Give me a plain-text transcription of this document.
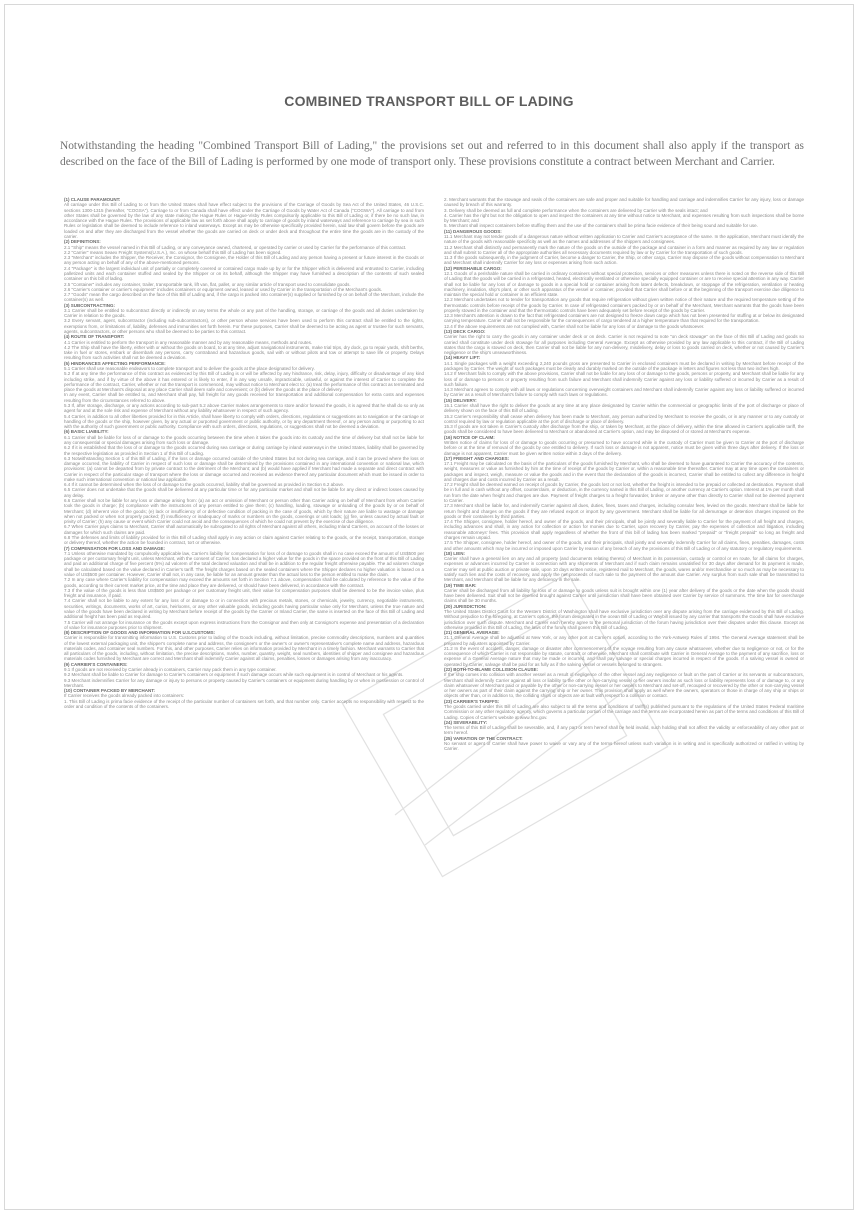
COMBINED TRANSPORT BILL OF LADING
Notwithstanding the heading "Combined Transport Bill of Lading," the provisions set out and referred to in this document shall also apply if the transport as described on the face of the Bill of Lading is performed by one mode of transport only. These provisions constitute a contract between Merchant and Carrier.

(1) CLAUSE PARAMOUNT:
All carriage under this Bill of Lading to or from the United States shall have effect subject to the provisions of the Carriage of Goods by Sea Act of the United States, 46 U.S.C. sections 1300-1315 (hereafter, "COGSA"). Carriage to or from Canada shall have effect under the Carriage of Goods by Water Act of Canada ("COGWA"). All carriage to and from other States shall be governed by the law of any state making the Hague Rules or Hague-Visby Rules compulsorily applicable to this Bill of Lading or, if there be no such law, in accordance with the Hague Rules. The provisions of applicable law as set forth above shall apply to carriage of goods by inland waterways and reference to carriage by sea in such Rules or legislation shall be deemed to include reference to inland waterways. Except as may be otherwise specifically provided herein, said law shall govern before the goods are loaded on and after they are discharged from the vessel whether the goods are carried on deck or under deck and throughout the entire time the goods are in the custody of the carrier.

(2) DEFINITIONS:

2.1 "Ship" means the vessel named in this Bill of Lading, or any conveyance owned, chartered, or operated by carrier or used by Carrier for the performance of this contract.

2.2 "Carrier" means Seaex Freight Systems(U.S.A.), Inc. on whose behalf this Bill of Lading has been signed.

2.3 "Merchant" includes the Shipper, the Receiver, the Consignor, the Consignee, the Holder of this Bill of Lading and any person having a present or future interest in the Goods or any person acting on behalf of any of the above-mentioned persons.

2.4 "Package" is the largest individual unit of partially or completely covered or contained cargo made up by or for the Shipper which is delivered and entrusted to Carrier, including palletized units and each container stuffed and sealed by the Shipper or on its behalf, although the Shipper may have furnished a description of the contents of such sealed container on this bill of lading.

2.5 "Container" includes any container, trailer, transportable tank, lift van, flat, pallet, or any similar article of transport used to consolidate goods.

2.6 "Carrier's container or carrier's equipment" includes containers or equipment owned, leased or used by Carrier in the transportation of the Merchant's goods.

2.7 "Goods" mean the cargo described on the face of this Bill of Lading and, if the cargo is packed into container(s) supplied or furnished by or on behalf of the Merchant, include the container(s) as well.

(3) SUBCONTRACTING:

3.1 Carrier shall be entitled to subcontract directly or indirectly on any terms the whole or any part of the handling, storage, or carriage of the goods and all duties undertaken by Carrier in relation to the goods.

3.2 Every servant, agent, subcontractor (including sub-subcontractors), or other person whose services have been used to perform this contract shall be entitled to the rights, exemptions from, or limitations of, liability, defenses and immunities set forth herein. For these purposes, Carrier shall be deemed to be acting as agent or trustee for such servants, agents, subcontractors, or other persons who shall be deemed to be parties to this contract.

(4) ROUTE OF TRANSPORT:

4.1 Carrier is entitled to perform the transport in any reasonable manner and by any reasonable means, methods and routes.

4.2 The Ship shall have the liberty, either with or without the goods on board, to at any time, adjust navigational instruments, make trial trips, dry dock, go to repair yards, shift berths, take in fuel or stores, embark or disembark any persons, carry contraband and hazardous goods, sail with or without pilots and tow or attempt to save life or property. Delays resulting from such activities shall not be deemed a deviation.

(5) HINDRANCES AFFECTING PERFORMANCE:

5.1 Carrier shall use reasonable endeavors to complete transport and to deliver the goods at the place designated for delivery.

5.2 If at any time the performance of this contract as evidenced by this Bill of Lading is or will be affected by any hindrance, risk, delay, injury, difficulty or disadvantage of any kind including strike, and if by virtue of the above it has entered or is likely to enter, if in any way unsafe, impracticable, unlawful, or against the interest of Carrier to complete the performance of the contract, Carrier, whether or not the transport is commenced, may without notice to Merchant elect to: (a) treat the performance of this contract as terminated and place the goods at Merchant's disposal at any place Carrier shall deem safe and convenient; or (b) deliver the goods at the place of delivery.

In any event, Carrier shall be entitled to, and Merchant shall pay, full freight for any goods received for transportation and additional compensation for extra costs and expenses resulting from the circumstances referred to above.

5.3 If, after storage, discharge, or any actions according to sub-part 5.2 above Carrier makes arrangements to store and/or forward the goods, it is agreed that he shall do so only as agent for and at the sole risk and expense of Merchant without any liability whatsoever in respect of such agency.

5.4 Carrier, in addition to all other liberties provided for in this Article, shall have liberty to comply with orders, directions, regulations or suggestions as to navigation or the carriage or handling of the goods or the ship, however given, by any actual or purported government or public authority, or by any department thereof, or any person acting or purporting to act with the authority of such government or public authority. Compliance with such orders, directions, regulations, or suggestions shall not be deemed a deviation.

(6) BASIC LIABILITY:

6.1 Carrier shall be liable for loss of or damage to the goods occurring between the time when it takes the goods into its custody and the time of delivery but shall not be liable for any consequential or special damages arising from such loss or damage.

6.2 If it is established that the loss of or damage to the goods occurred during sea carriage or during carriage by inland waterways in the United States, liability shall be governed by the respective legislation as provided in Section 1 of this Bill of Lading.

6.3 Notwithstanding Section 1 of this Bill of Lading, if the loss or damage occurred outside of the United States but not during sea carriage, and it can be proved where the loss or damage occurred, the liability of Carrier in respect of such loss or damage shall be determined by the provisions contained in any international convention or national law, which provisions: (a) cannot be departed from by private contract to the detriment of the Merchant; and (b) would have applied if Merchant had made a separate and direct contract with Carrier in respect of the particular stage of transport where the loss or damage occurred and received as evidence thereof any particular document which must be issued in order to make such international convention or national law applicable.

6.4 If it cannot be determined when the loss of or damage to the goods occurred, liability shall be governed as provided in Section 6.2 above.

6.5 Carrier does not undertake that the goods shall be delivered at any particular time or for any particular market and shall not be liable for any direct or indirect losses caused by any delay.

6.6 Carrier shall not be liable for any loss or damage arising from: (a) an act or omission of Merchant or person other than Carrier acting on behalf of Merchant from whom Carrier took the goods in charge; (b) compliance with the instructions of any person entitled to give them; (c) handling, loading, stowage or unloading of the goods by or on behalf of Merchant; (d) inherent vice of the goods; (e) lack or insufficiency of or defective condition of packing in the case of goods, which by their nature are liable to wastage or damage when not packed or when not properly packed; (f) insufficiency or inadequacy of marks or numbers on the goods, coverings or unit loads; (g) fire, unless caused by actual fault or privity of Carrier; (h) any cause or event which Carrier could not avoid and the consequences of which he could not prevent by the exercise of due diligence.

6.7 When Carrier pays claims to Merchant, Carrier shall automatically be subrogated to all rights of Merchant against all others, including Inland Carriers, on account of the losses or damages for which such claims are paid.

6.8 The defenses and limits of liability provided for in this Bill of Lading shall apply in any action or claim against Carrier relating to the goods, or the receipt, transportation, storage or delivery thereof, whether the action be founded in contract, tort or otherwise.

(7) COMPENSATION FOR LOSS AND DAMAGE:

7.1 Unless otherwise mandated by compulsorily applicable law, Carrier's liability for compensation for loss of or damage to goods shall in no case exceed the amount of US$500 per package or per customary freight unit, unless Merchant, with the consent of Carrier, has declared a higher value for the goods in the space provided on the front of this Bill of Lading and paid an additional charge of five percent (5%) ad valorem of the total declared valuation and shall be in addition to the regular freight otherwise payable. The ad valorem charge shall be calculated based on the value declared in Carrier's tariff. The freight charges based on the sealed containers where the Shipper declares no higher valuation is based on a value of US$500 per container. However, Carrier shall not, in any case, be liable for an amount greater than the actual loss to the person entitled to make the claim.

7.2 In any case where Carrier's liability for compensation may exceed the amounts set forth in Section 7.1 above, compensation shall be calculated by reference to the value of the goods, according to their current market price, at the time and place they are delivered, or should have been delivered, in accordance with the contract.

7.3 If the value of the goods is less than US$500 per package or per customary freight unit, their value for compensation purposes shall be deemed to be the invoice value, plus freight and insurance, if paid.

7.4 Carrier shall not be liable to any extent for any loss of or damage to or in connection with precious metals, stones, or chemicals, jewelry, currency, negotiable instruments, securities, writings, documents, works of art, curios, heirlooms, or any other valuable goods, including goods having particular value only for Merchant, unless the true nature and value of the goods have been declared in writing by Merchant before receipt of the goods by the Carrier or Inland Carrier, the same is inserted on the face of this Bill of Lading and additional freight has been paid as required.

7.5 Carrier will not arrange for insurance on the goods except upon express instructions from the Consignor and then only at Consignor's expense and presentation of a declaration of value for insurance purposes prior to shipment.

(8) DESCRIPTION OF GOODS AND INFORMATION FOR U.S.CUSTOMS:

Carrier is responsible for transmitting information to U.S. Customs prior to lading of the Goods including, without limitation, precise commodity descriptions, numbers and quantities of the lowest external packaging unit, the shipper's complete name and address, the consignee's or the owner's or owner's representative's complete name and address, hazardous materials codes, and container seal numbers. For this, and other purposes, Carrier relies on information provided by Merchant in a timely fashion. Merchant warrants to Carrier that all particulars of the goods, including, without limitation, the precise descriptions, marks, number, quantity, weight, seal numbers, identities of shipper and consignee and hazardous materials codes furnished by Merchant are correct and Merchant shall indemnify Carrier against all claims, penalties, losses or damages arising from any inaccuracy.

(9) CARRIER'S CONTAINERS:

9.1 If goods are not received by Carrier already in containers, Carrier may pack them in any type container.

9.2 Merchant shall be liable to Carrier for damage to Carrier's containers or equipment if such damage occurs while such equipment is in control of Merchant or his agents.

9.3 Merchant indemnifies Carrier for any damage or injury to persons or property caused by Carrier's containers or equipment during handling by or when in possession or control of Merchant.

(10) CONTAINER PACKED BY MERCHANT:

If Carrier receives the goods already packed into containers:

1. This Bill of Lading is prima facie evidence of the receipt of the particular number of containers set forth, and that number only. Carrier accepts no responsibility with respect to the order and condition of the contents of the containers.

2. Merchant warrants that the stowage and seals of the containers are safe and proper and suitable for handling and carriage and indemnifies Carrier for any injury, loss or damage caused by breach of this warranty.

3. Delivery shall be deemed as full and complete performance when the containers are delivered by Carrier with the seals intact; and

4. Carrier has the right but not the obligation to open and inspect the containers at any time without notice to Merchant, and expenses resulting from such inspections shall be borne by Merchant; and

5. Merchant shall inspect containers before stuffing them and the use of the containers shall be prima facie evidence of their being sound and suitable for use.

(11) DANGEROUS GOODS:

11.1 Merchant may not tender goods of a dangerous nature without written application to Carrier and Carrier's acceptance of the same. In the application, Merchant must identify the nature of the goods with reasonable specificity as well as the names and addresses of the shippers and consignees.

11.2 Merchant shall distinctly and permanently mark the nature of the goods on the outside of the package and container in a form and manner as required by any law or regulation and shall submit to Carrier all of the appropriate authorities all necessary documents required by law or by Carrier for the transportation of such goods.

11.3 If the goods subsequently, in the judgment of Carrier, become a danger to Carrier, the Ship, or other cargo, Carrier may dispose of the goods without compensation to Merchant and Merchant shall indemnify Carrier for any loss or expenses arising from such action.

(12) PERISHABLE CARGO:

12.1 Goods of a perishable nature shall be carried in ordinary containers without special protection, services or other measures unless there is noted on the reverse side of this Bill of Lading that the goods will be carried in a refrigerated, heated, electrically ventilated or otherwise specially equipped container or are to receive special attention in any way. Carrier shall not be liable for any loss of or damage to goods in a special hold or container arising from latent defects, breakdown, or stoppage of the refrigeration, ventilation or heating machinery, insulation, ship's plant, or other such apparatus of the vessel or container, provided that Carrier shall before or at the beginning of the transport exercise due diligence to maintain the special hold or container in an efficient state.

12.2 Merchant undertakes not to tender for transportation any goods that require refrigeration without given written notice of their nature and the required temperature setting of the thermostatic controls before receipt of the goods by Carrier. In case of refrigerated containers packed by or on behalf of the Merchant, Merchant warrants that the goods have been properly stowed in the container and that the thermostatic controls have been adequately set before receipt of the goods by Carrier.

12.3 Merchant's attention is drawn to the fact that refrigerated containers are not designed to freeze down cargo which has not been presented for stuffing at or below its designated carrying temperature. Carrier shall not be responsible for the consequences of cargo tendered at a higher temperature than that required for the transportation.

12.4 If the above requirements are not complied with, Carrier shall not be liable for any loss of or damage to the goods whatsoever.

(13) DECK CARGO:

Carrier has the right to carry the goods in any container under deck or on deck. Carrier is not required to note "on deck stowage" on the face of this Bill of Lading and goods so carried shall constitute under deck stowage for all purposes including General Average. Except as otherwise provided by any law applicable to this contract, if the Bill of Lading states that the cargo is stowed on deck, then Carrier shall not be liable for any non-delivery, misdelivery, delay or loss to goods carried on deck, whether or not caused by Carrier's negligence or the ship's unseaworthiness.

(14) HEAVY LIFT:

14.1 Single packages with a weight exceeding 2,240 pounds gross are presented to Carrier in enclosed containers must be declared in writing by Merchant before receipt of the packages by Carrier. The weight of such packages must be clearly and durably marked on the outside of the package in letters and figures not less than two inches high.

14.2 If Merchant fails to comply with the above provisions, Carrier shall not be liable for any loss of or damage to the goods, persons or property, and Merchant shall be liable for any loss of or damage to persons or property resulting from such failure and Merchant shall indemnify Carrier against any loss or liability suffered or incurred by Carrier as a result of such failure.

14.3 Merchant agrees to comply with all laws or regulations concerning overweight containers and Merchant shall indemnify Carrier against any loss or liability suffered or incurred by Carrier as a result of Merchant's failure to comply with such laws or regulations.

(15) DELIVERY:

15.1 Carrier shall have the right to deliver the goods at any time at any place designated by Carrier within the commercial or geographic limits of the port of discharge or place of delivery shown on the face of this Bill of Lading.

15.2 Carrier's responsibility shall cease when delivery has been made to Merchant, any person authorized by Merchant to receive the goods, or in any manner or to any custody or control required by law or regulation applicable at the port of discharge or place of delivery.

15.3 If goods are not taken in Carrier's custody after discharge from the ship, or taken by Merchant, at the place of delivery, within the time allowed in Carrier's applicable tariff, the goods shall be considered to have been delivered to Merchant or abandoned at Carrier's option, and may be disposed of or stored at Merchant's expense.

(16) NOTICE OF CLAIM:

Written notice of claims for loss of or damage to goods occurring or presumed to have occurred while in the custody of Carrier must be given to Carrier at the port of discharge before or at the time of removal of the goods by one entitled to delivery. If such loss or damage is not apparent, notice must be given within three days after delivery. If the loss or damage is not apparent, Carrier must be given written notice within 3 days of the delivery.

(17) FREIGHT AND CHARGES:

17.1 Freight may be calculated on the basis of the particulars of the goods furnished by Merchant, who shall be deemed to have guaranteed to Carrier the accuracy of the contents, weight, measures or value as furnished by him at the time of receipt of the goods by Carrier or, within a reasonable time thereafter. Carrier may at any time open the containers or packages and inspect, weigh, measure or value the goods and in the event that the declaration of the goods is incorrect, Carrier shall be entitled to collect any difference in freight and charges due and costs incurred by Carrier as a result.

17.2 Freight shall be deemed earned on receipt of goods by Carrier, the goods lost or not lost, whether the freight is intended to be prepaid or collected at destination. Payment shall be in full and in cash without any offset, counterclaim, or deduction, in the currency named in this Bill of Lading, or another currency at Carrier's option. Interest at 1% per month shall run from the date when freight and charges are due. Payment of freight charges to a freight forwarder, broker or anyone other than directly to Carrier shall not be deemed payment to Carrier.

17.3 Merchant shall be liable for, and indemnify Carrier against all dues, duties, fines, taxes and charges, including consular fees, levied on the goods. Merchant shall be liable for return freight and charges on the goods if they are refused export or import by any government. Merchant shall be liable for all demurrage or detention charges imposed on the goods or their containers by third parties.

17.4 The Shipper, consignee, holder hereof, and owner of the goods, and their principals, shall be jointly and severally liable to Carrier for the payment of all freight and charges, including advances and shall, in any action for collection or action for monies due to Carrier, upon recovery by Carrier, pay the expenses of collection and litigation, including reasonable attorneys' fees. This provision shall apply regardless of whether the front of this bill of lading has been marked "prepaid" or "freight prepaid" so long as freight and charges remain unpaid.

17.5 The Shipper, consignee, holder hereof, and owner of the goods, and their principals, shall jointly and severally indemnify Carrier for all claims, fines, penalties, damages, costs and other amounts which may be incurred or imposed upon Carrier by reason of any breach of any the provisions of this Bill of Lading or of any statutory or regulatory requirements.

(18) LIEN:

Carrier shall have a general lien on any and all property (and documents relating thereto) of Merchant in its possession, custody or control or en route, for all claims for charges, expenses or advances incurred by Carrier in connection with any shipments of Merchant and if such claim remains unsatisfied for 30 days after demand for its payment is made, Carrier may sell at public auction or private sale, upon 10 days written notice, registered mail to Merchant, the goods, wares and/or merchandise or so much as may be necessary to satisfy such lien and the costs of recovery, and apply the net proceeds of such sale to the payment of the amount due Carrier. Any surplus from such sale shall be transmitted to Merchant, and Merchant shall be liable for any deficiency in the sale.

(19) TIME BAR:

Carrier shall be discharged from all liability for loss of or damage to goods unless suit is brought within one (1) year after delivery of the goods or the date when the goods should have been delivered. Suit shall not be deemed brought against Carrier until jurisdiction shall have been obtained over Carrier by service of summons. The time bar for overcharge claims shall be 30 months.

(20) JURISDICTION:

The United States District Court for the Western District of Washington shall have exclusive jurisdiction over any dispute arising from the carriage evidenced by this Bill of Lading. Without prejudice to the foregoing, at Carrier's option, the forum designated in the ocean Bill of Lading or Waybill issued by any carrier that transports the Goods shall have exclusive jurisdiction over such dispute. Merchant and Carrier each hereby agree to the personal jurisdiction of the forum having jurisdiction over their disputes under this clause. Except as otherwise provided in this Bill of Lading, the laws of the forum shall govern this Bill of Lading.

(21) GENERAL AVERAGE:

21.1 General Average shall be adjusted at New York, or any other port at Carrier's option, according to the York-Antwerp Rules of 1994. The General Average statement shall be prepared by adjusters appointed by Carrier.

21.2 In the event of accident, danger, damage or disaster after commencement of the voyage resulting from any cause whatsoever, whether due to negligence or not, or for the consequence of which Carrier is not responsible by statute, contract or otherwise, Merchant shall contribute with Carrier in General Average to the payment of any sacrifice, loss or expense of a General Average nature that may be made or incurred, and shall pay salvage or special charges incurred in respect of the goods. If a salving vessel is owned or operated by Carrier, salvage shall be paid for as fully as if the salving vessel or vessels belonged to strangers.

(22) BOTH-TO-BLAME COLLISION CLAUSE:

If the ship comes into collision with another vessel as a result of negligence of the other vessel and any negligence or fault on the part of Carrier or its servants or subcontractors, Merchant shall indemnify Carrier against all loss or liability to the other or non-carrying vessel or her owners insofar as such loss or liability represents loss of or damage to, or any claim whatsoever of Merchant paid or payable by the other or non-carrying vessel or her owners to Merchant and set-off, recouped or recovered by the other or non-carrying vessel or her owners as part of their claim against the carrying ship or her owner. This provision shall apply as well where the owners, operators or those in charge of any ship or ships or objects other than, or in addition to, the colliding ships or objects are at fault with respect to a collision or contact.

(23) CARRIER'S TARIFFS:

The goods carried under this Bill of Lading are also subject to all the terms and conditions of tariff(s) published pursuant to the regulations of the United States Federal maritime Commission or any other regulatory agency, which governs a particular portion of the carriage and the terms are incorporated herein as part of the terms and conditions of this Bill of Lading. Copies of Carrier's website at www.fmc.gov.

(24) SEVERABILITY:

The terms of this Bill of Lading shall be severable, and, if any part or term hereof shall be held invalid, such holding shall not affect the validity or enforceability of any other part or term hereof.

(25) VARIATION OF THE CONTRACT:

No servant or agent of Carrier shall have power to waive or vary any of the terms hereof unless such variation is in writing and is specifically authorized or ratified in writing by Carrier.
